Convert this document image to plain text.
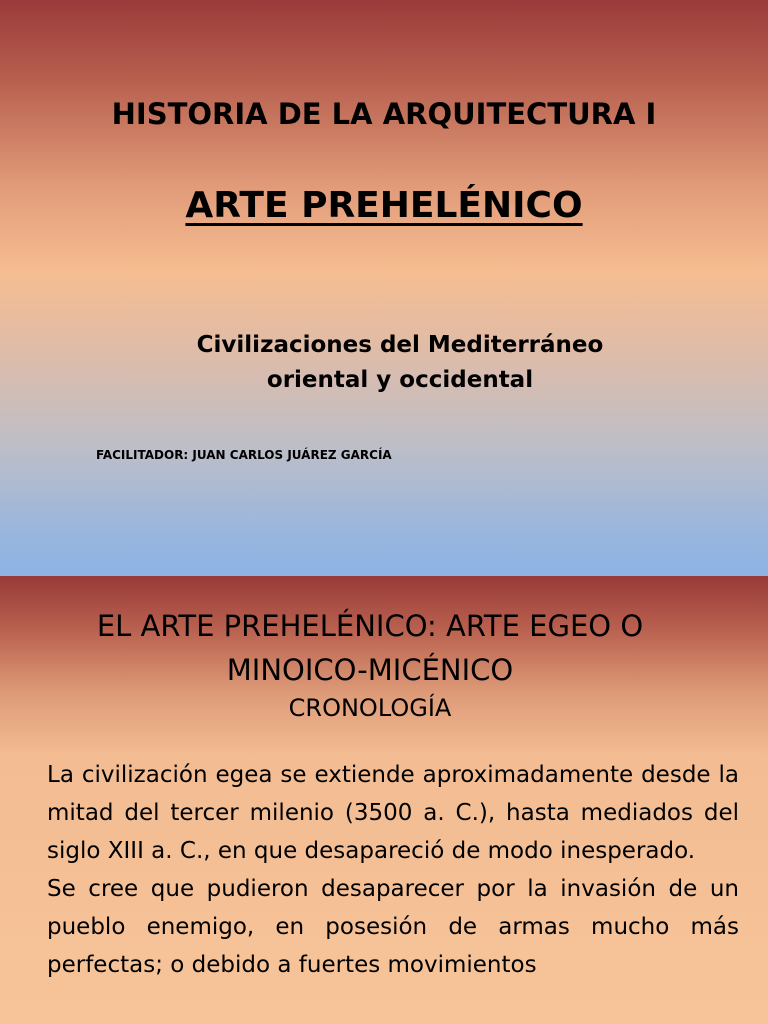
HISTORIA DE LA ARQUITECTURA I
ARTE PREHELÉNICO
Civilizaciones del Mediterráneo
oriental y occidental
FACILITADOR: JUAN CARLOS JUÁREZ GARCÍA
EL ARTE PREHELÉNICO: ARTE EGEO O
MINOICO-MICÉNICO
CRONOLOGÍA

La civilización egea se extiende aproximadamente desde la mitad del tercer milenio (3500 a. C.), hasta mediados del siglo XIII a. C., en que desapareció de modo inesperado.

Se cree que pudieron desaparecer por la invasión de un pueblo enemigo, en posesión de armas mucho más perfectas; o debido a fuertes movimientos
